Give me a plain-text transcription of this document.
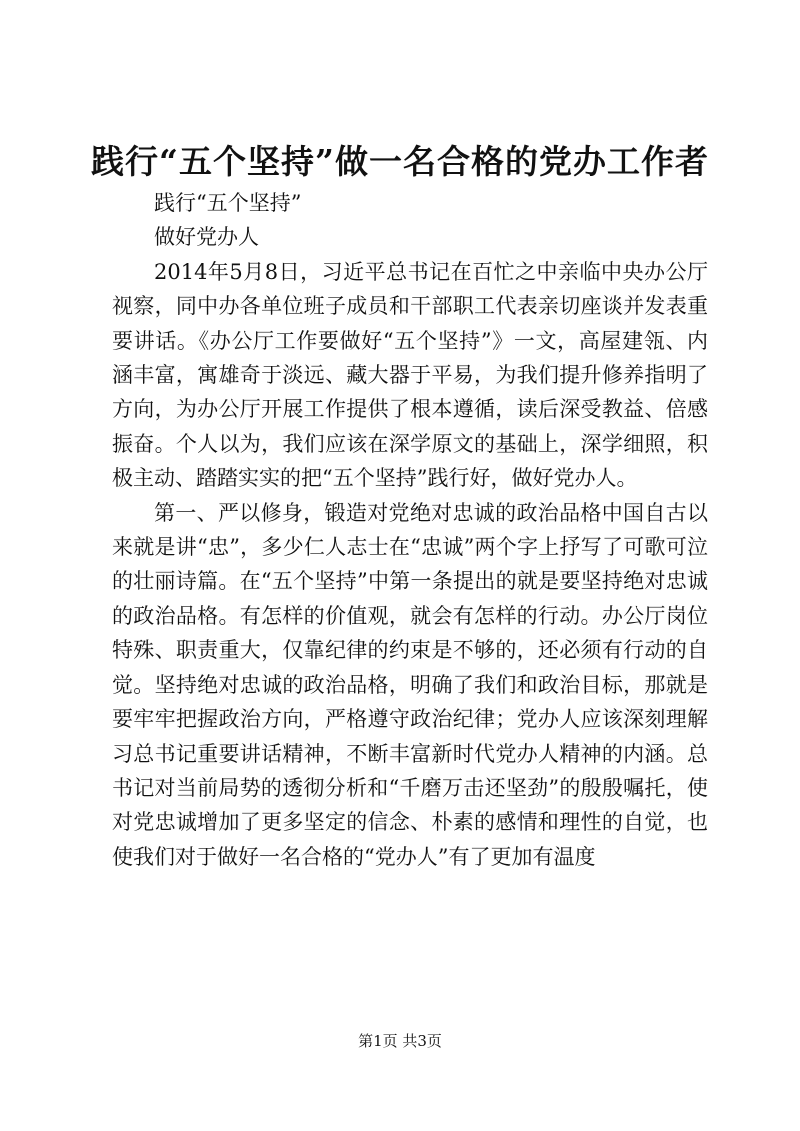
践行“五个坚持”做一名合格的党办工作者

践行“五个坚持”

做好党办人

2014年5月8日，习近平总书记在百忙之中亲临中央办公厅视察，同中办各单位班子成员和干部职工代表亲切座谈并发表重要讲话。《办公厅工作要做好“五个坚持”》一文，高屋建瓴、内涵丰富，寓雄奇于淡远、藏大器于平易，为我们提升修养指明了方向，为办公厅开展工作提供了根本遵循，读后深受教益、倍感振奋。个人以为，我们应该在深学原文的基础上，深学细照，积极主动、踏踏实实的把“五个坚持”践行好，做好党办人。

第一、严以修身，锻造对党绝对忠诚的政治品格中国自古以来就是讲“忠”，多少仁人志士在“忠诚”两个字上抒写了可歌可泣的壮丽诗篇。在“五个坚持”中第一条提出的就是要坚持绝对忠诚的政治品格。有怎样的价值观，就会有怎样的行动。办公厅岗位特殊、职责重大，仅靠纪律的约束是不够的，还必须有行动的自觉。坚持绝对忠诚的政治品格，明确了我们和政治目标，那就是要牢牢把握政治方向，严格遵守政治纪律；党办人应该深刻理解习总书记重要讲话精神，不断丰富新时代党办人精神的内涵。总书记对当前局势的透彻分析和“千磨万击还坚劲”的殷殷嘱托，使对党忠诚增加了更多坚定的信念、朴素的感情和理性的自觉，也使我们对于做好一名合格的“党办人”有了更加有温度

第1页 共3页
